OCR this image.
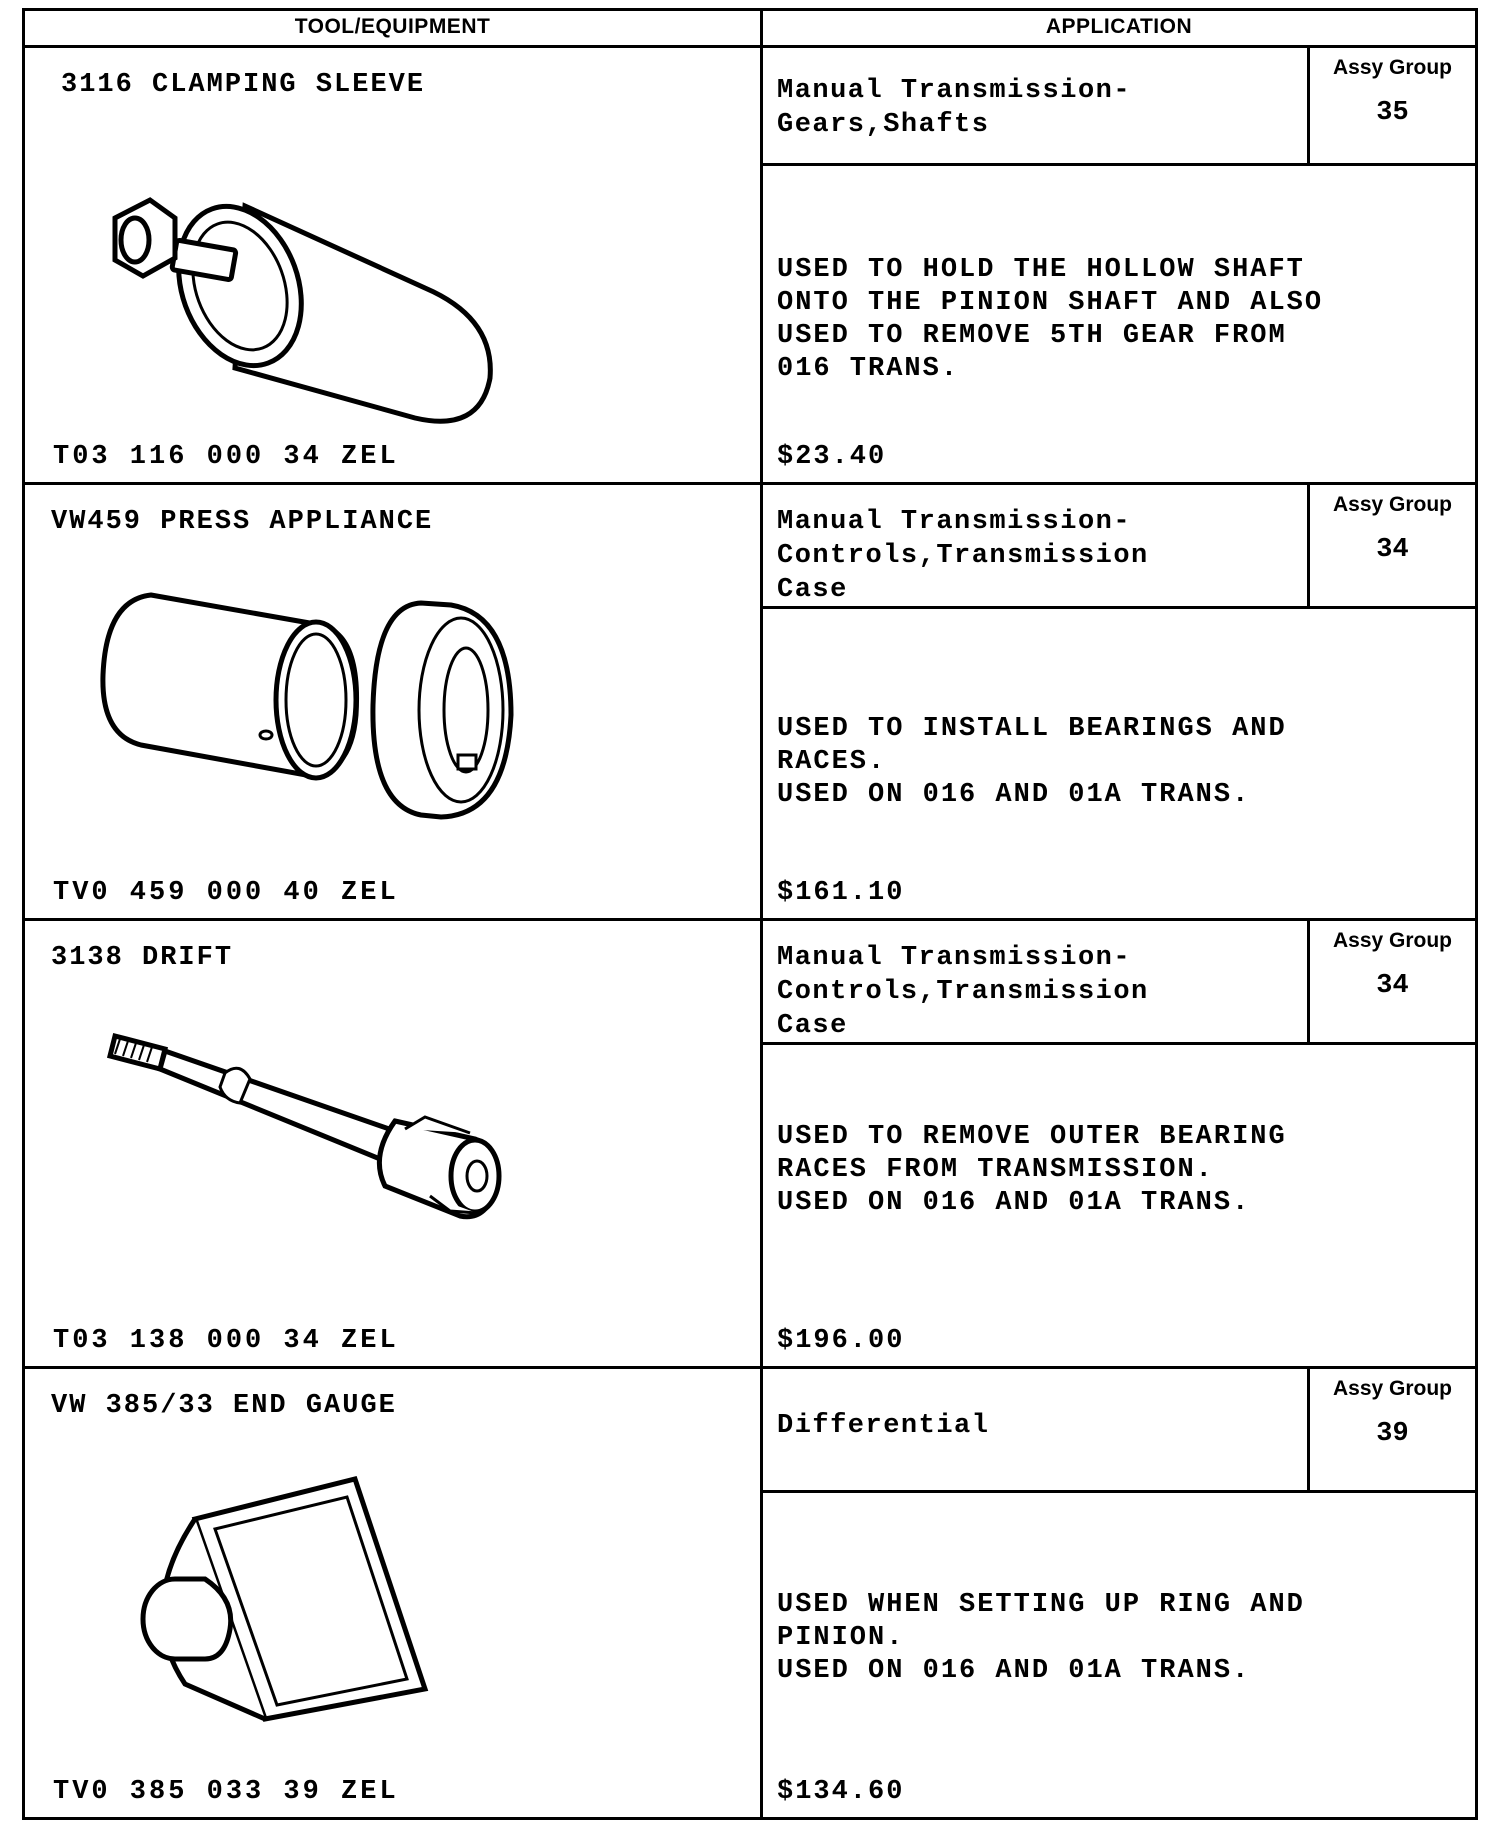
TOOL/EQUIPMENT	APPLICATION
3116 CLAMPING SLEEVE
T03 116 000 34 ZEL
Manual Transmission-
Gears,Shafts
Assy Group
35
USED TO HOLD THE HOLLOW SHAFT
ONTO THE PINION SHAFT AND ALSO
USED TO REMOVE 5TH GEAR FROM
016 TRANS.
$23.40
VW459 PRESS APPLIANCE
TV0 459 000 40 ZEL
Manual Transmission-
Controls,Transmission
Case
Assy Group
34
USED TO INSTALL BEARINGS AND
RACES.
USED ON 016 AND 01A TRANS.
$161.10
3138 DRIFT
T03 138 000 34 ZEL
Manual Transmission-
Controls,Transmission
Case
Assy Group
34
USED TO REMOVE OUTER BEARING
RACES FROM TRANSMISSION.
USED ON 016 AND 01A TRANS.
$196.00
VW 385/33 END GAUGE
TV0 385 033 39 ZEL
Differential
Assy Group
39
USED WHEN SETTING UP RING AND
PINION.
USED ON 016 AND 01A TRANS.
$134.60
